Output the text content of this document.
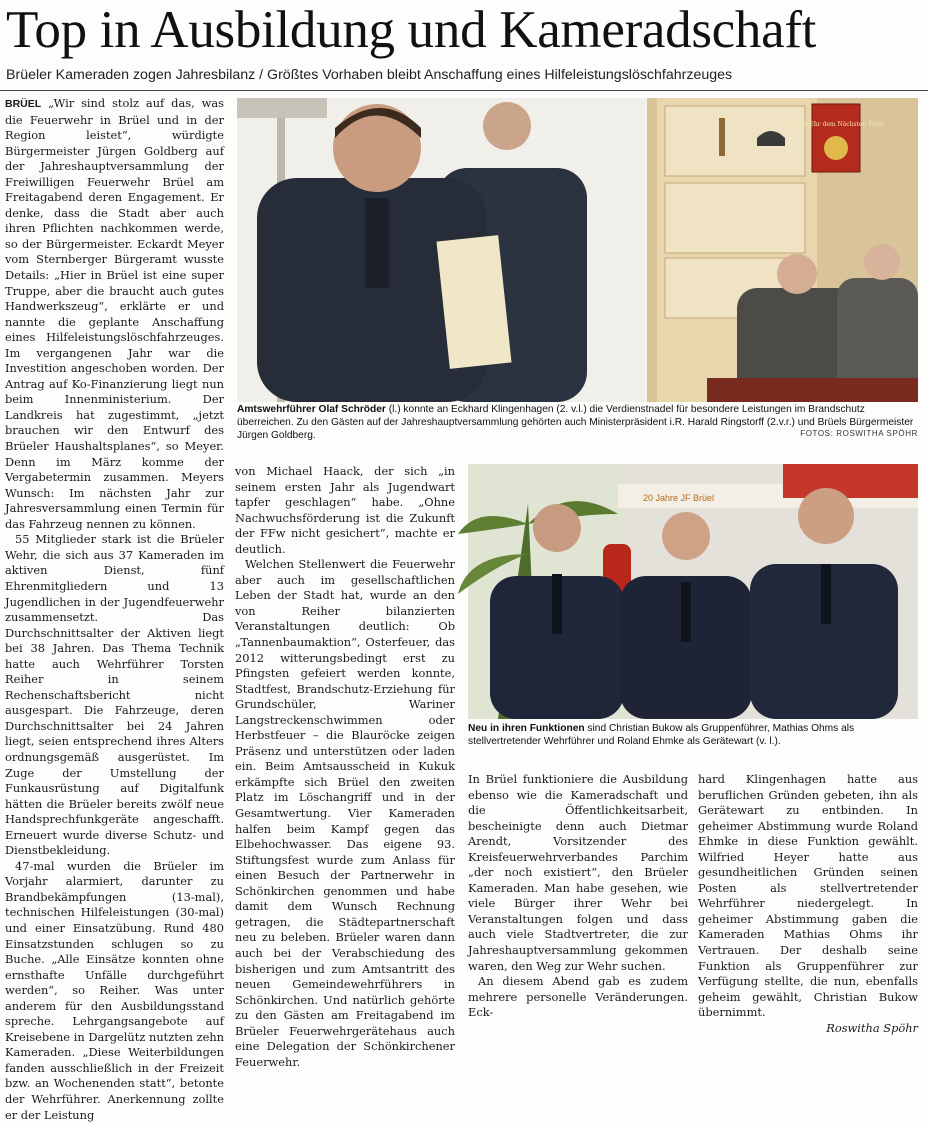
Top in Ausbildung und Kameradschaft
Brüeler Kameraden zogen Jahresbilanz / Größtes Vorhaben bleibt Anschaffung eines Hilfeleistungslöschfahrzeuges

BRÜEL „Wir sind stolz auf das, was die Feuerwehr in Brüel und in der Region leistet“, würdigte Bürgermeister Jürgen Goldberg auf der Jahreshauptversammlung der Freiwilligen Feuerwehr Brüel am Freitagabend deren Engagement. Er denke, dass die Stadt aber auch ihren Pflichten nachkommen werde, so der Bürgermeister. Eckardt Meyer vom Sternberger Bürgeramt wusste Details: „Hier in Brüel ist eine super Truppe, aber die braucht auch gutes Handwerkszeug“, erklärte er und nannte die geplante Anschaffung eines Hilfeleistungslöschfahrzeuges. Im vergangenen Jahr war die Investition angeschoben worden. Der Antrag auf Ko-Finanzierung liegt nun beim Innenministerium. Der Landkreis hat zugestimmt, „jetzt brauchen wir den Entwurf des Brüeler Haushaltsplanes“, so Meyer. Denn im März komme der Vergabetermin zusammen. Meyers Wunsch: Im nächsten Jahr zur Jahresversammlung einen Termin für das Fahrzeug nennen zu können.

55 Mitglieder stark ist die Brüeler Wehr, die sich aus 37 Kameraden im aktiven Dienst, fünf Ehrenmitgliedern und 13 Jugendlichen in der Jugendfeuerwehr zusammensetzt. Das Durchschnittsalter der Aktiven liegt bei 38 Jahren. Das Thema Technik hatte auch Wehrführer Torsten Reiher in seinem Rechenschaftsbericht nicht ausgespart. Die Fahrzeuge, deren Durchschnittsalter bei 24 Jahren liegt, seien entsprechend ihres Alters ordnungsgemäß ausgerüstet. Im Zuge der Umstellung der Funkausrüstung auf Digitalfunk hätten die Brüeler bereits zwölf neue Handsprechfunkgeräte angeschafft. Erneuert wurde diverse Schutz- und Dienstbekleidung.

47-mal wurden die Brüeler im Vorjahr alarmiert, darunter zu Brandbekämpfungen (13-mal), technischen Hilfeleistungen (30-mal) und einer Einsatzübung. Rund 480 Einsatzstunden schlugen so zu Buche. „Alle Einsätze konnten ohne ernsthafte Unfälle durchgeführt werden“, so Reiher. Was unter anderem für den Ausbildungsstand spreche. Lehrgangsangebote auf Kreisebene in Dargelütz nutzten zehn Kameraden. „Diese Weiterbildungen fanden ausschließlich in der Freizeit bzw. an Wochenenden statt“, betonte der Wehrführer. Anerkennung zollte er der Leistung

Gottes Ehr dem Nächsten Wehr
Amtswehrführer Olaf Schröder (l.) konnte an Eckhard Klingenhagen (2. v.l.) die Verdienstnadel für besondere Leistungen im Brandschutz überreichen. Zu den Gästen auf der Jahreshauptversammlung gehörten auch Ministerpräsident i.R. Harald Ringstorff (2.v.r.) und Brüels Bürgermeister Jürgen Goldberg.	FOTOS: ROSWITHA SPÖHR

von Michael Haack, der sich „in seinem ersten Jahr als Jugendwart tapfer geschlagen“ habe. „Ohne Nachwuchsförderung ist die Zukunft der FFw nicht gesichert“, machte er deutlich.

Welchen Stellenwert die Feuerwehr aber auch im gesellschaftlichen Leben der Stadt hat, wurde an den von Reiher bilanzierten Veranstaltungen deutlich: Ob „Tannenbaumaktion“, Osterfeuer, das 2012 witterungsbedingt erst zu Pfingsten gefeiert werden konnte, Stadtfest, Brandschutz-Erziehung für Grundschüler, Wariner Langstreckenschwimmen oder Herbstfeuer – die Blauröcke zeigen Präsenz und unterstützen oder laden ein. Beim Amtsausscheid in Kukuk erkämpfte sich Brüel den zweiten Platz im Löschangriff und in der Gesamtwertung. Vier Kameraden halfen beim Kampf gegen das Elbehochwasser. Das eigene 93. Stiftungsfest wurde zum Anlass für einen Besuch der Partnerwehr in Schönkirchen genommen und habe damit dem Wunsch Rechnung getragen, die Städtepartnerschaft neu zu beleben. Brüeler waren dann auch bei der Verabschiedung des bisherigen und zum Amtsantritt des neuen Gemeindewehrführers in Schönkirchen. Und natürlich gehörte zu den Gästen am Freitagabend im Brüeler Feuerwehrgerätehaus auch eine Delegation der Schönkirchener Feuerwehr.

20 Jahre JF Brüel
Neu in ihren Funktionen sind Christian Bukow als Gruppenführer, Mathias Ohms als stellvertretender Wehrführer und Roland Ehmke als Gerätewart (v. l.).

In Brüel funktioniere die Ausbildung ebenso wie die Kameradschaft und die Öffentlichkeitsarbeit, bescheinigte denn auch Dietmar Arendt, Vorsitzender des Kreisfeuerwehrverbandes Parchim „der noch existiert“, den Brüeler Kameraden. Man habe gesehen, wie viele Bürger ihrer Wehr bei Veranstaltungen folgen und dass auch viele Stadtvertreter, die zur Jahreshauptversammlung gekommen waren, den Weg zur Wehr suchen.

An diesem Abend gab es zudem mehrere personelle Veränderungen. Eck-

hard Klingenhagen hatte aus beruflichen Gründen gebeten, ihn als Gerätewart zu entbinden. In geheimer Abstimmung wurde Roland Ehmke in diese Funktion gewählt. Wilfried Heyer hatte aus gesundheitlichen Gründen seinen Posten als stellvertretender Wehrführer niedergelegt. In geheimer Abstimmung gaben die Kameraden Mathias Ohms ihr Vertrauen. Der deshalb seine Funktion als Gruppenführer zur Verfügung stellte, die nun, ebenfalls geheim gewählt, Christian Bukow übernimmt.

Roswitha Spöhr
